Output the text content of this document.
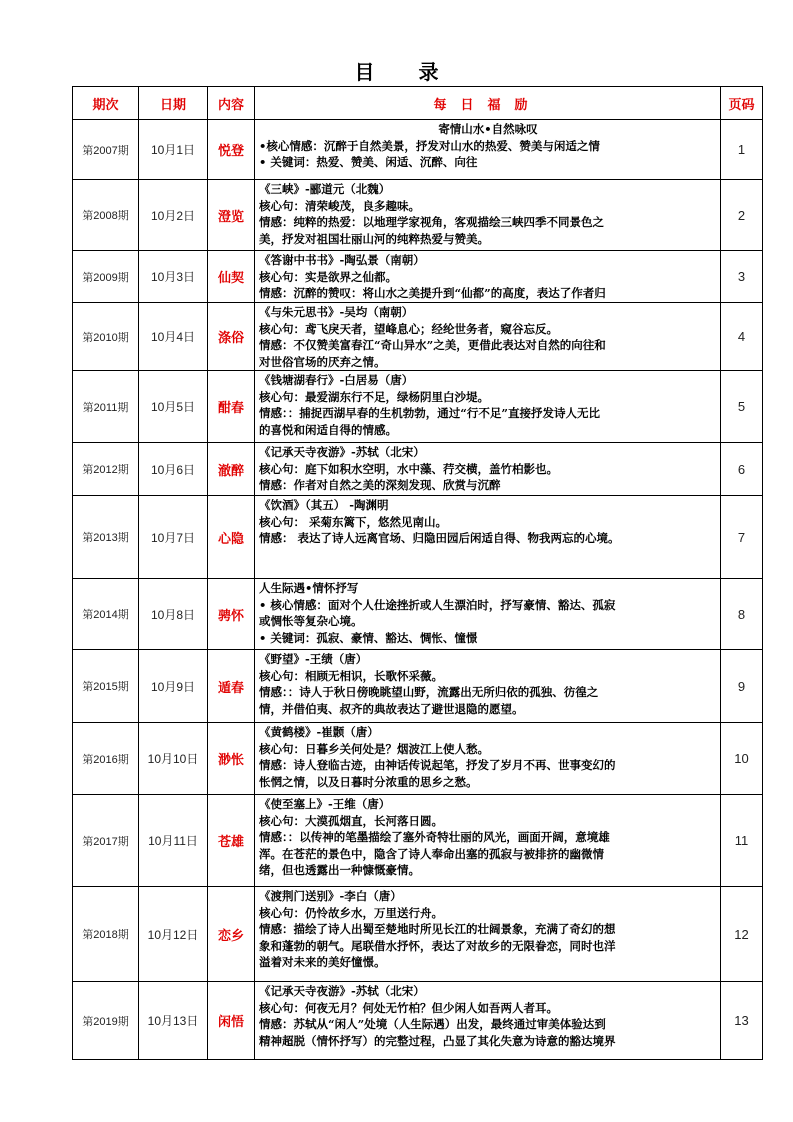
目 录
期次	日期	内容	每日福励	页码
第2007期	10月1日	悦登	寄情山水•自然咏叹
•核心情感：沉醉于自然美景，抒发对山水的热爱、赞美与闲适之情
• 关键词：热爱、赞美、闲适、沉醉、向往	1
第2008期	10月2日	澄览	《三峡》-郦道元（北魏）
核心句：清荣峻茂，良多趣味。
情感：纯粹的热爱：以地理学家视角，客观描绘三峡四季不同景色之
美，抒发对祖国壮丽山河的纯粹热爱与赞美。	2
第2009期	10月3日	仙契	《答谢中书书》-陶弘景（南朝）
核心句：实是欲界之仙都。
情感：沉醉的赞叹：将山水之美提升到“仙都”的高度，表达了作者归	3
第2010期	10月4日	涤俗	《与朱元思书》-吴均（南朝）
核心句：鸢飞戾天者，望峰息心；经纶世务者，窥谷忘反。
情感：不仅赞美富春江“奇山异水”之美，更借此表达对自然的向往和
对世俗官场的厌弃之情。	4
第2011期	10月5日	酣春	《钱塘湖春行》-白居易（唐）
核心句：最爱湖东行不足，绿杨阴里白沙堤。
情感：：捕捉西湖早春的生机勃勃，通过“行不足”直接抒发诗人无比
的喜悦和闲适自得的情感。	5
第2012期	10月6日	澈醉	《记承天寺夜游》-苏轼（北宋）
核心句：庭下如积水空明，水中藻、荇交横，盖竹柏影也。
情感：作者对自然之美的深刻发现、欣赏与沉醉	6
第2013期	10月7日	心隐	《饮酒》（其五） -陶渊明
核心句： 采菊东篱下，悠然见南山。
情感： 表达了诗人远离官场、归隐田园后闲适自得、物我两忘的心境。	7
第2014期	10月8日	骋怀	人生际遇•情怀抒写
• 核心情感：面对个人仕途挫折或人生漂泊时，抒写豪情、豁达、孤寂
或惆怅等复杂心境。
• 关键词：孤寂、豪情、豁达、惆怅、憧憬	8
第2015期	10月9日	遁春	《野望》-王绩（唐）
核心句：相顾无相识，长歌怀采薇。
情感：：诗人于秋日傍晚眺望山野，流露出无所归依的孤独、彷徨之
情，并借伯夷、叔齐的典故表达了避世退隐的愿望。	9
第2016期	10月10日	渺怅	《黄鹤楼》-崔颢（唐）
核心句：日暮乡关何处是？烟波江上使人愁。
情感：诗人登临古迹，由神话传说起笔，抒发了岁月不再、世事变幻的
怅惘之情，以及日暮时分浓重的思乡之愁。	10
第2017期	10月11日	苍雄	《使至塞上》-王维（唐）
核心句：大漠孤烟直，长河落日圆。
情感：：以传神的笔墨描绘了塞外奇特壮丽的风光，画面开阔，意境雄
浑。在苍茫的景色中，隐含了诗人奉命出塞的孤寂与被排挤的幽微情
绪，但也透露出一种慷慨豪情。	11
第2018期	10月12日	恋乡	《渡荆门送别》-李白（唐）
核心句：仍怜故乡水，万里送行舟。
情感：描绘了诗人出蜀至楚地时所见长江的壮阔景象，充满了奇幻的想
象和蓬勃的朝气。尾联借水抒怀，表达了对故乡的无限眷恋，同时也洋
溢着对未来的美好憧憬。	12
第2019期	10月13日	闲悟	《记承天寺夜游》-苏轼（北宋）
核心句：何夜无月？何处无竹柏？但少闲人如吾两人者耳。
情感：苏轼从“闲人”处境（人生际遇）出发，最终通过审美体验达到
精神超脱（情怀抒写）的完整过程，凸显了其化失意为诗意的豁达境界	13
